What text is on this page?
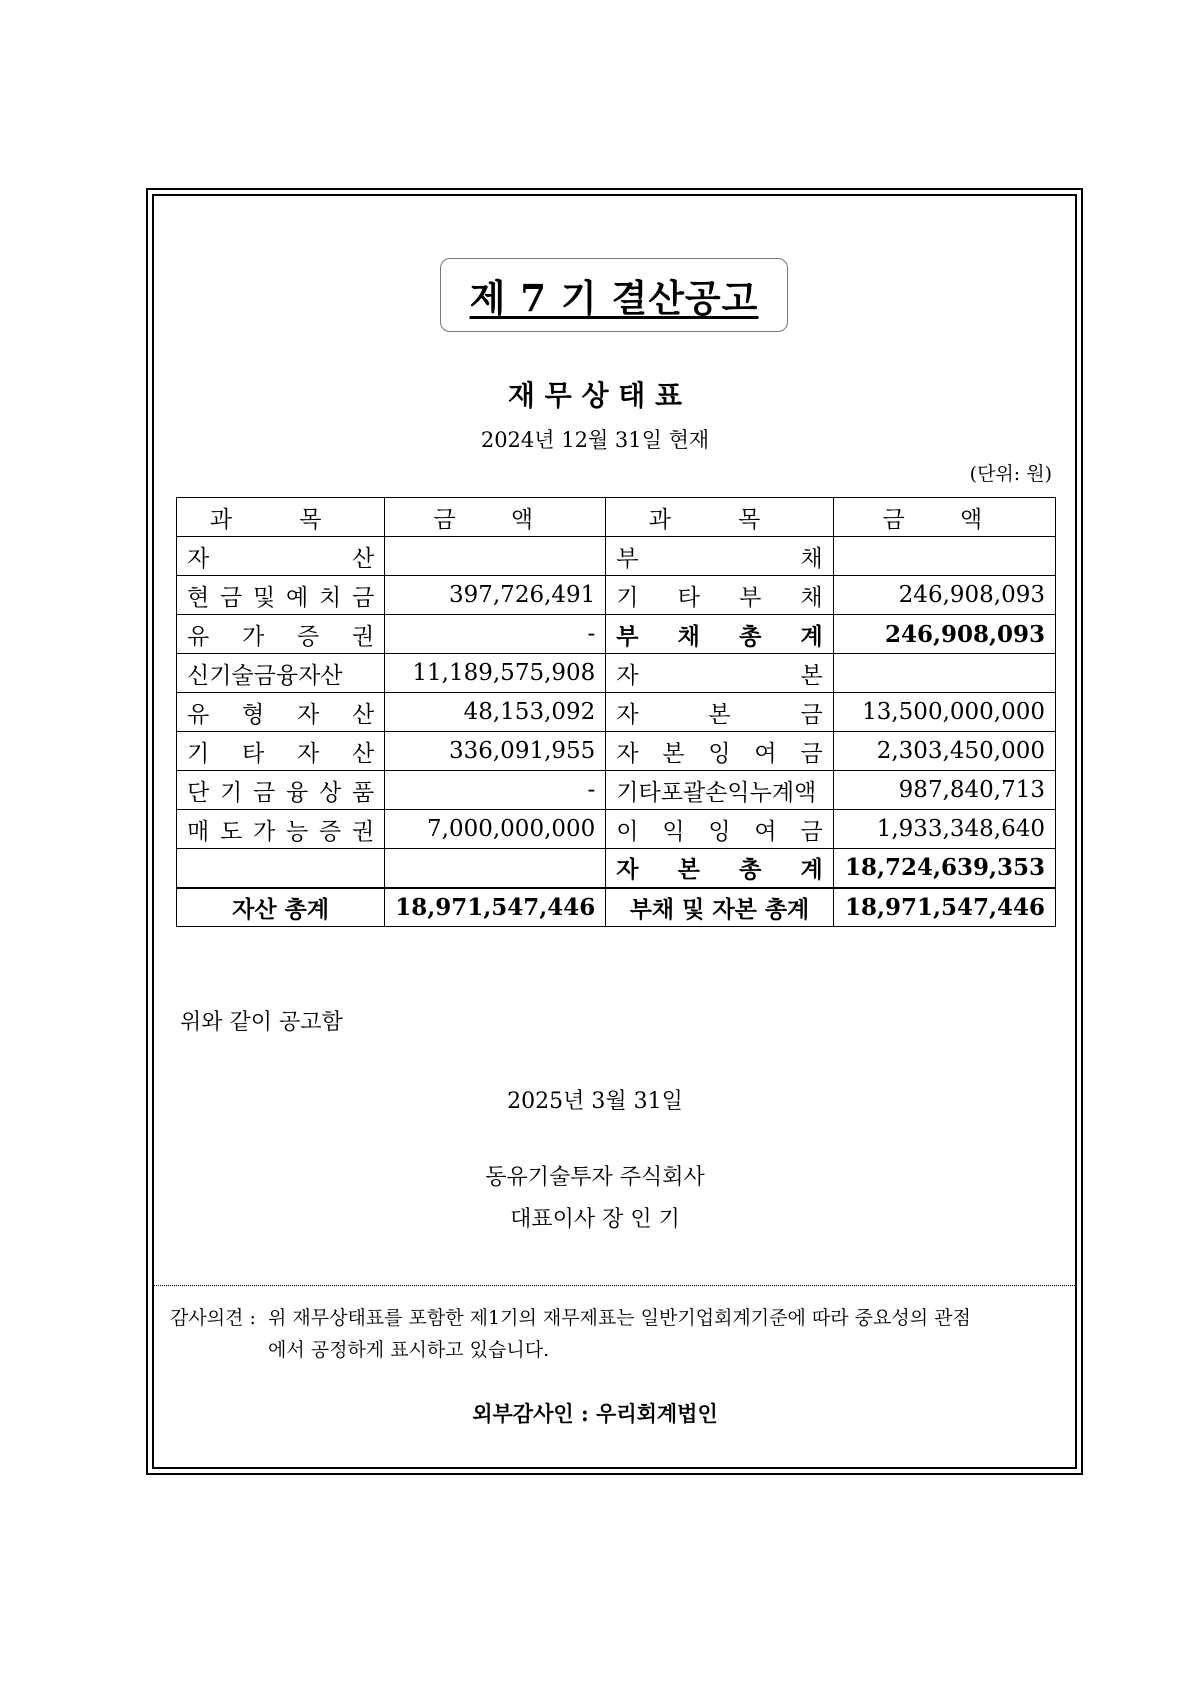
제 7 기 결산공고
재 무 상 태 표
2024년 12월 31일 현재
(단위: 원)
과 목	금 액	과 목	금 액
자 산		부 채	
현 금 및 예 치 금	397,726,491	기 타 부 채	246,908,093
유 가 증 권	-	부 채 총 계	246,908,093
신기술금융자산	11,189,575,908	자 본	
유 형 자 산	48,153,092	자 본 금	13,500,000,000
기 타 자 산	336,091,955	자 본 잉 여 금	2,303,450,000
단 기 금 융 상 품	-	기타포괄손익누계액	987,840,713
매 도 가 능 증 권	7,000,000,000	이 익 잉 여 금	1,933,348,640
		자 본 총 계	18,724,639,353
자산 총계	18,971,547,446	부채 및 자본 총계	18,971,547,446
위와 같이 공고함
2025년 3월 31일
동유기술투자 주식회사
대표이사 장 인 기
감사의견 : 위 재무상태표를 포함한 제1기의 재무제표는 일반기업회계기준에 따라 중요성의 관점
에서 공정하게 표시하고 있습니다.
외부감사인 : 우리회계법인
